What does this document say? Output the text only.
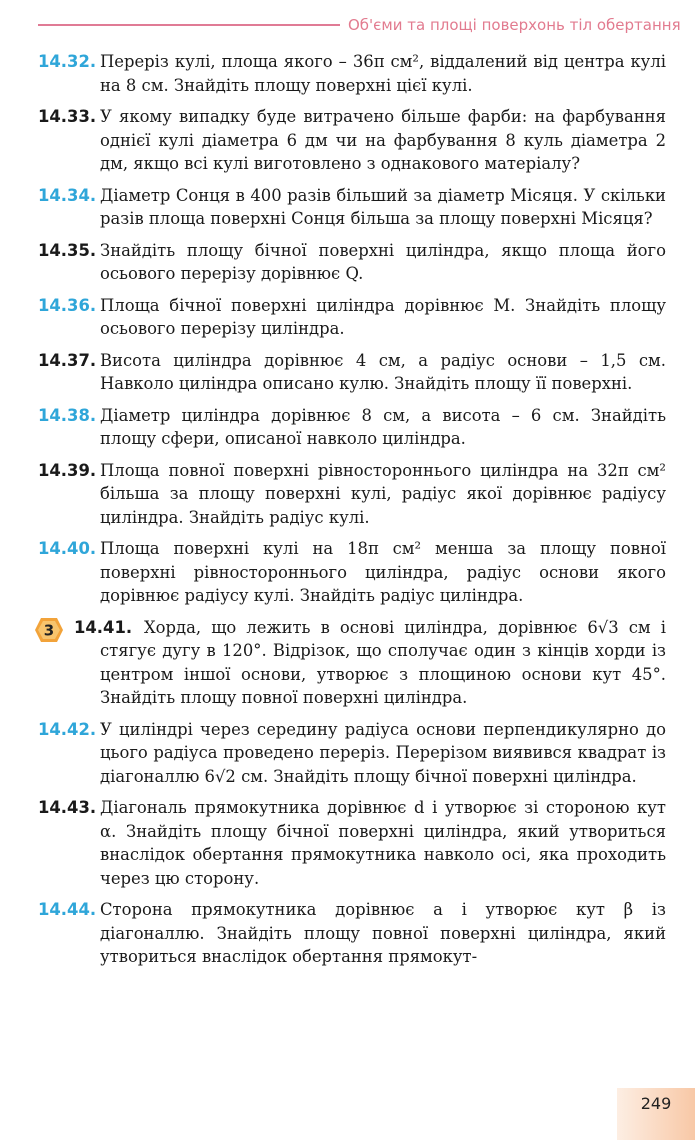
Об'єми та площі поверхонь тіл обертання
14.32. Переріз кулі, площа якого – 36π см², віддалений від центра кулі на 8 см. Знайдіть площу поверхні цієї кулі.
14.33. У якому випадку буде витрачено більше фарби: на фарбування однієї кулі діаметра 6 дм чи на фарбування 8 куль діаметра 2 дм, якщо всі кулі виготовлено з однакового матеріалу?
14.34. Діаметр Сонця в 400 разів більший за діаметр Місяця. У скільки разів площа поверхні Сонця більша за площу поверхні Місяця?
14.35. Знайдіть площу бічної поверхні циліндра, якщо площа його осьового перерізу дорівнює Q.
14.36. Площа бічної поверхні циліндра дорівнює M. Знайдіть площу осьового перерізу циліндра.
14.37. Висота циліндра дорівнює 4 см, а радіус основи – 1,5 см. Навколо циліндра описано кулю. Знайдіть площу її поверхні.
14.38. Діаметр циліндра дорівнює 8 см, а висота – 6 см. Знайдіть площу сфери, описаної навколо циліндра.
14.39. Площа повної поверхні рівностороннього циліндра на 32π см² більша за площу поверхні кулі, радіус якої дорівнює радіусу циліндра. Знайдіть радіус кулі.
14.40. Площа поверхні кулі на 18π см² менша за площу повної поверхні рівностороннього циліндра, радіус основи якого дорівнює радіусу кулі. Знайдіть радіус циліндра.
3 14.41. Хорда, що лежить в основі циліндра, дорівнює 6√3 см і стягує дугу в 120°. Відрізок, що сполучає один з кінців хорди із центром іншої основи, утворює з площиною основи кут 45°. Знайдіть площу повної поверхні циліндра.
14.42. У циліндрі через середину радіуса основи перпендикулярно до цього радіуса проведено переріз. Перерізом виявився квадрат із діагоналлю 6√2 см. Знайдіть площу бічної поверхні циліндра.
14.43. Діагональ прямокутника дорівнює d і утворює зі стороною кут α. Знайдіть площу бічної поверхні циліндра, який утвориться внаслідок обертання прямокутника навколо осі, яка проходить через цю сторону.
14.44. Сторона прямокутника дорівнює a і утворює кут β із діагоналлю. Знайдіть площу повної поверхні циліндра, який утвориться внаслідок обертання прямокут-
249
